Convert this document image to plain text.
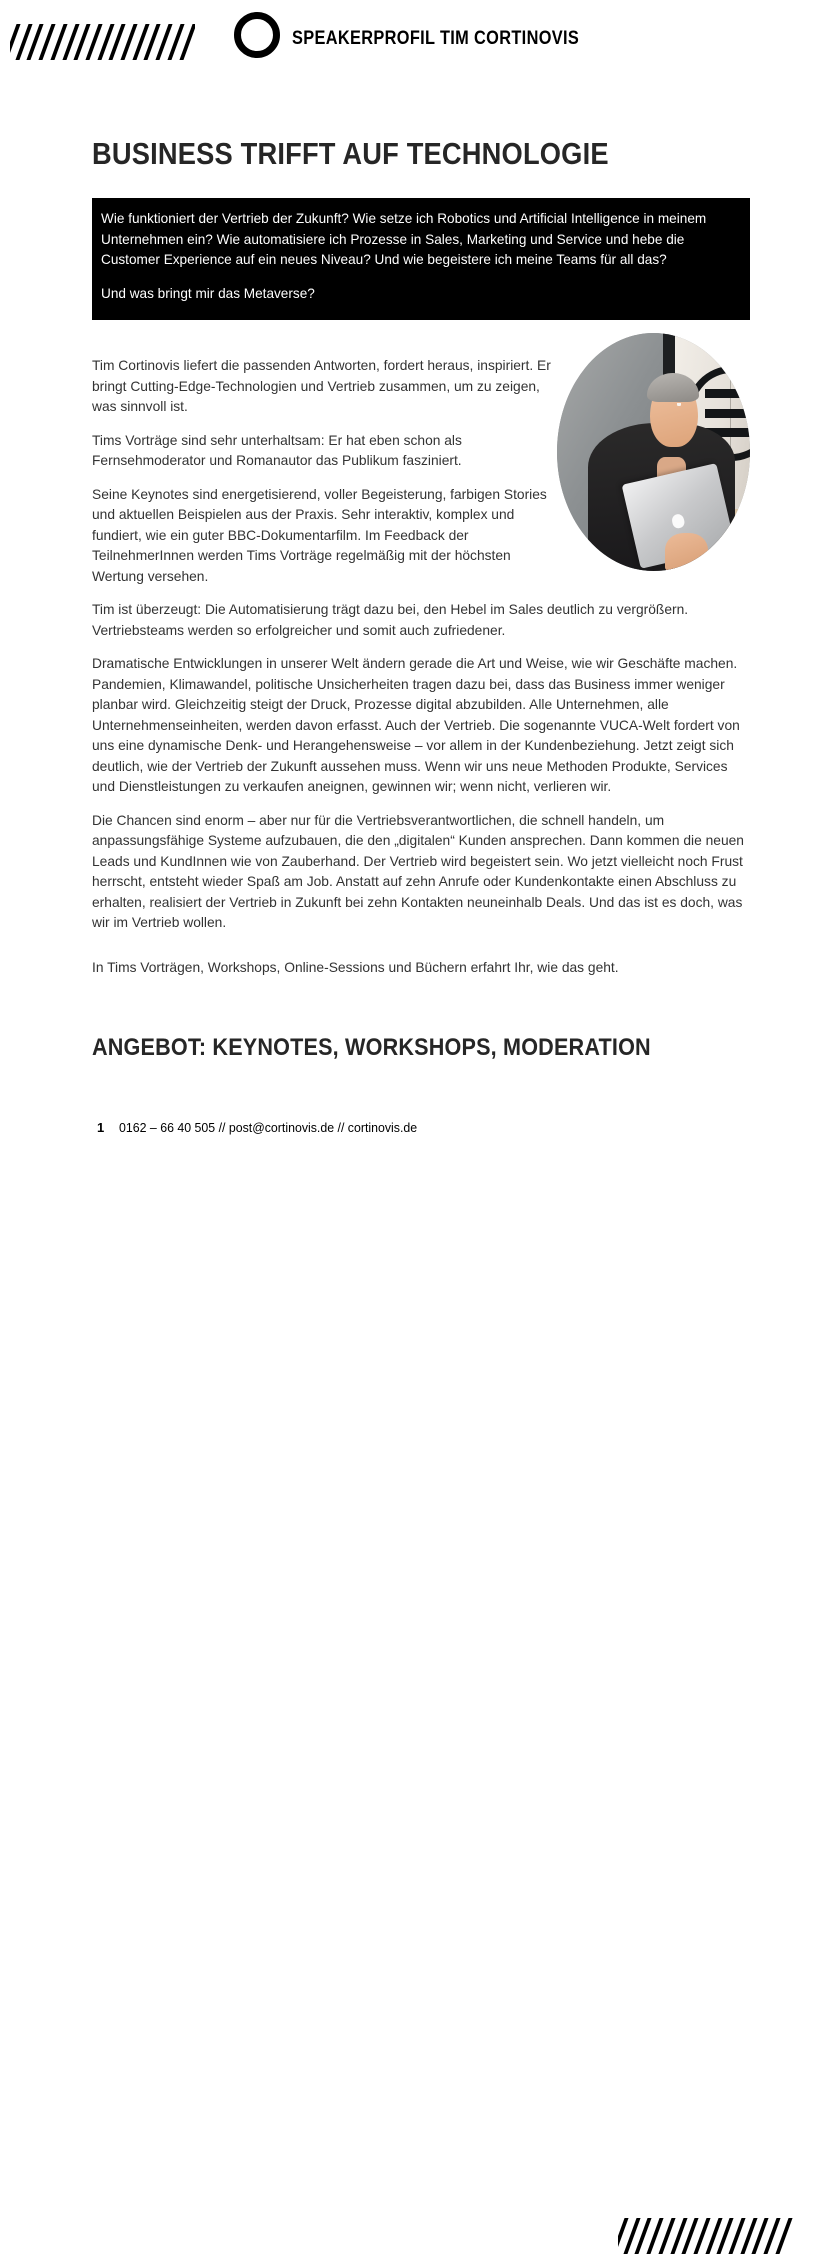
SPEAKERPROFIL TIM CORTINOVIS
BUSINESS TRIFFT AUF TECHNOLOGIE

Wie funktioniert der Vertrieb der Zukunft? Wie setze ich Robotics und Artificial Intelligence in meinem Unternehmen ein? Wie automatisiere ich Prozesse in Sales, Marketing und Service und hebe die Customer Experience auf ein neues Niveau? Und wie begeistere ich meine Teams für all das?

Und was bringt mir das Metaverse?

Tim Cortinovis liefert die passenden Antworten, fordert heraus, inspiriert. Er bringt Cutting-Edge-Technologien und Vertrieb zusammen, um zu zeigen, was sinnvoll ist.

Tims Vorträge sind sehr unterhaltsam: Er hat eben schon als Fernsehmoderator und Romanautor das Publikum fasziniert.

Seine Keynotes sind energetisierend, voller Begeisterung, farbigen Stories und aktuellen Beispielen aus der Praxis. Sehr interaktiv, komplex und fundiert, wie ein guter BBC-Dokumentarfilm. Im Feedback der TeilnehmerInnen werden Tims Vorträge regelmäßig mit der höchsten Wertung versehen.

Tim ist überzeugt: Die Automatisierung trägt dazu bei, den Hebel im Sales deutlich zu vergrößern. Vertriebsteams werden so erfolgreicher und somit auch zufriedener.

Dramatische Entwicklungen in unserer Welt ändern gerade die Art und Weise, wie wir Geschäfte machen. Pandemien, Klimawandel, politische Unsicherheiten tragen dazu bei, dass das Business immer weniger planbar wird. Gleichzeitig steigt der Druck, Prozesse digital abzubilden. Alle Unternehmen, alle Unternehmenseinheiten, werden davon erfasst. Auch der Vertrieb. Die sogenannte VUCA-Welt fordert von uns eine dynamische Denk- und Herangehensweise – vor allem in der Kundenbeziehung. Jetzt zeigt sich deutlich, wie der Vertrieb der Zukunft aussehen muss. Wenn wir uns neue Methoden Produkte, Services und Dienstleistungen zu verkaufen aneignen, gewinnen wir; wenn nicht, verlieren wir.

Die Chancen sind enorm – aber nur für die Vertriebsverantwortlichen, die schnell handeln, um anpassungsfähige Systeme aufzubauen, die den „digitalen“ Kunden ansprechen. Dann kommen die neuen Leads und KundInnen wie von Zauberhand. Der Vertrieb wird begeistert sein. Wo jetzt vielleicht noch Frust herrscht, entsteht wieder Spaß am Job. Anstatt auf zehn Anrufe oder Kundenkontakte einen Abschluss zu erhalten, realisiert der Vertrieb in Zukunft bei zehn Kontakten neuneinhalb Deals. Und das ist es doch, was wir im Vertrieb wollen.

In Tims Vorträgen, Workshops, Online-Sessions und Büchern erfahrt Ihr, wie das geht.

ANGEBOT: KEYNOTES, WORKSHOPS, MODERATION
1 0162 – 66 40 505 // post@cortinovis.de // cortinovis.de
